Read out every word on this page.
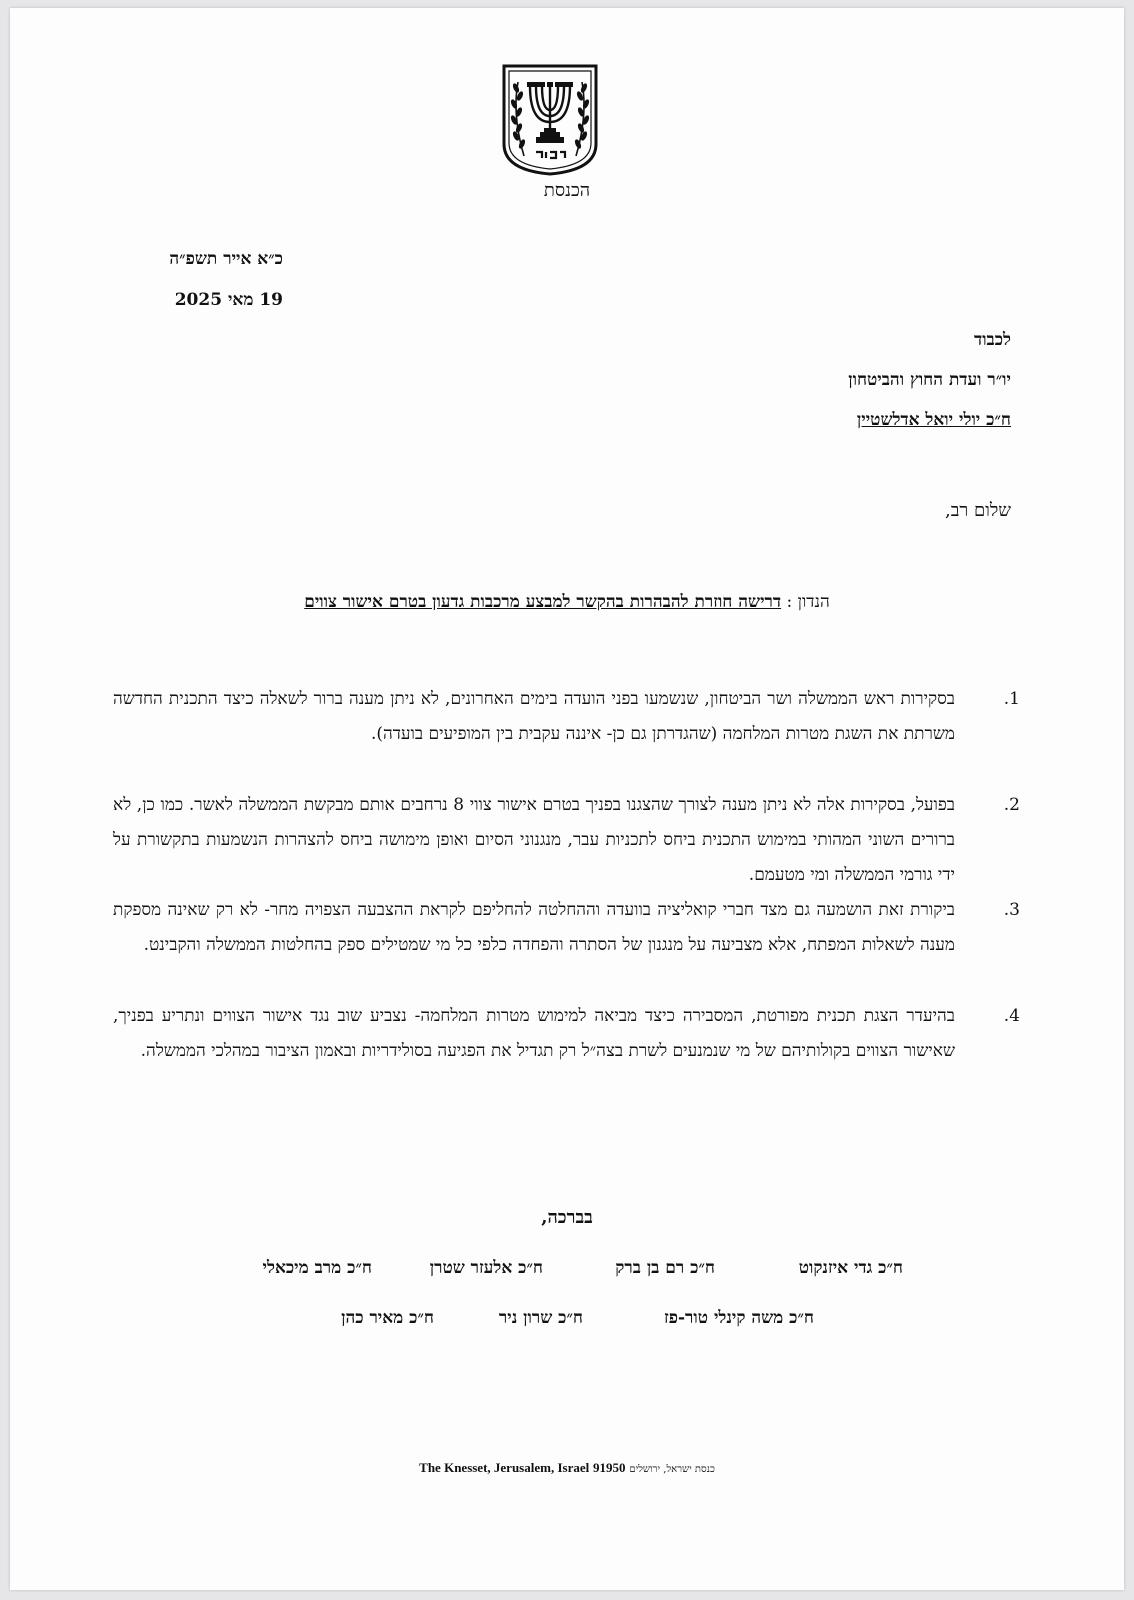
הכנסת
כ״א אייר תשפ״ה
19 מאי 2025
לכבוד
יו״ר ועדת החוץ והביטחון
ח״כ יולי יואל אדלשטיין
שלום רב,
הנדון : דרישה חוזרת להבהרות בהקשר למבצע מרכבות גדעון בטרם אישור צווים
1.
בסקירות ראש הממשלה ושר הביטחון, שנשמעו בפני הועדה בימים האחרונים, לא ניתן מענה ברור לשאלה כיצד התכנית החדשה משרתת את השגת מטרות המלחמה (שהגדרתן גם כן- איננה עקבית בין המופיעים בועדה).
2.
בפועל, בסקירות אלה לא ניתן מענה לצורך שהצגנו בפניך בטרם אישור צווי 8 נרחבים אותם מבקשת הממשלה לאשר. כמו כן, לא ברורים השוני המהותי במימוש התכנית ביחס לתכניות עבר, מנגנוני הסיום ואופן מימושה ביחס להצהרות הנשמעות בתקשורת על ידי גורמי הממשלה ומי מטעמם.
3.
ביקורת זאת הושמעה גם מצד חברי קואליציה בוועדה וההחלטה להחליפם לקראת ההצבעה הצפויה מחר- לא רק שאינה מספקת מענה לשאלות המפתח, אלא מצביעה על מנגנון של הסתרה והפחדה כלפי כל מי שמטילים ספק בהחלטות הממשלה והקבינט.
4.
בהיעדר הצגת תכנית מפורטת, המסבירה כיצד מביאה למימוש מטרות המלחמה- נצביע שוב נגד אישור הצווים ונתריע בפניך, שאישור הצווים בקולותיהם של מי שנמנעים לשרת בצה״ל רק תגדיל את הפגיעה בסולידריות ובאמון הציבור במהלכי הממשלה.
בברכה,
ח״כ גדי איזנקוט
ח״כ רם בן ברק
ח״כ אלעזר שטרן
ח״כ מרב מיכאלי
ח״כ משה קינלי טור-פז
ח״כ שרון ניר
ח״כ מאיר כהן
The Knesset, Jerusalem, Israel 91950 כנסת ישראל, ירושלים
